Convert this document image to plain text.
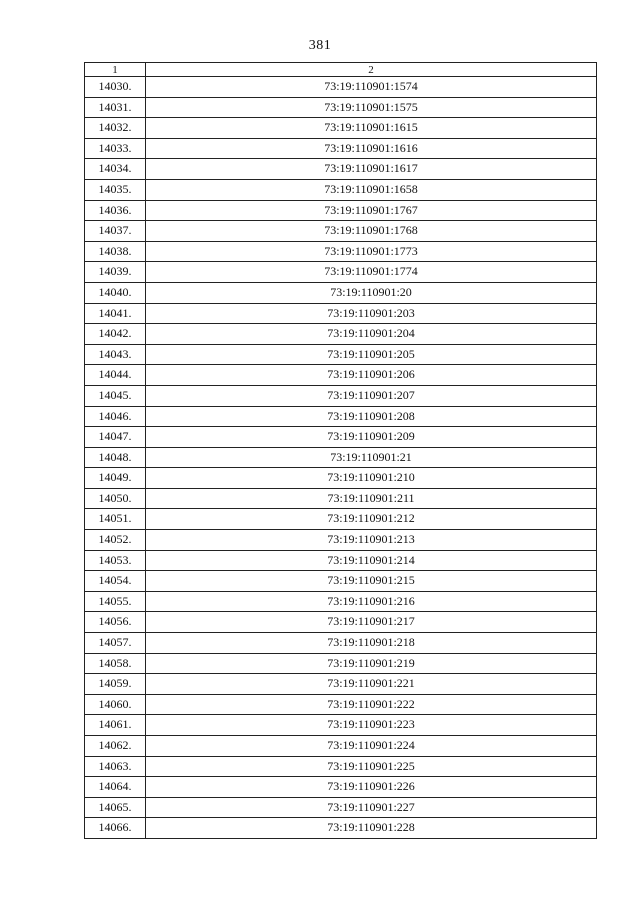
381
1	2
14030.	73:19:110901:1574
14031.	73:19:110901:1575
14032.	73:19:110901:1615
14033.	73:19:110901:1616
14034.	73:19:110901:1617
14035.	73:19:110901:1658
14036.	73:19:110901:1767
14037.	73:19:110901:1768
14038.	73:19:110901:1773
14039.	73:19:110901:1774
14040.	73:19:110901:20
14041.	73:19:110901:203
14042.	73:19:110901:204
14043.	73:19:110901:205
14044.	73:19:110901:206
14045.	73:19:110901:207
14046.	73:19:110901:208
14047.	73:19:110901:209
14048.	73:19:110901:21
14049.	73:19:110901:210
14050.	73:19:110901:211
14051.	73:19:110901:212
14052.	73:19:110901:213
14053.	73:19:110901:214
14054.	73:19:110901:215
14055.	73:19:110901:216
14056.	73:19:110901:217
14057.	73:19:110901:218
14058.	73:19:110901:219
14059.	73:19:110901:221
14060.	73:19:110901:222
14061.	73:19:110901:223
14062.	73:19:110901:224
14063.	73:19:110901:225
14064.	73:19:110901:226
14065.	73:19:110901:227
14066.	73:19:110901:228
